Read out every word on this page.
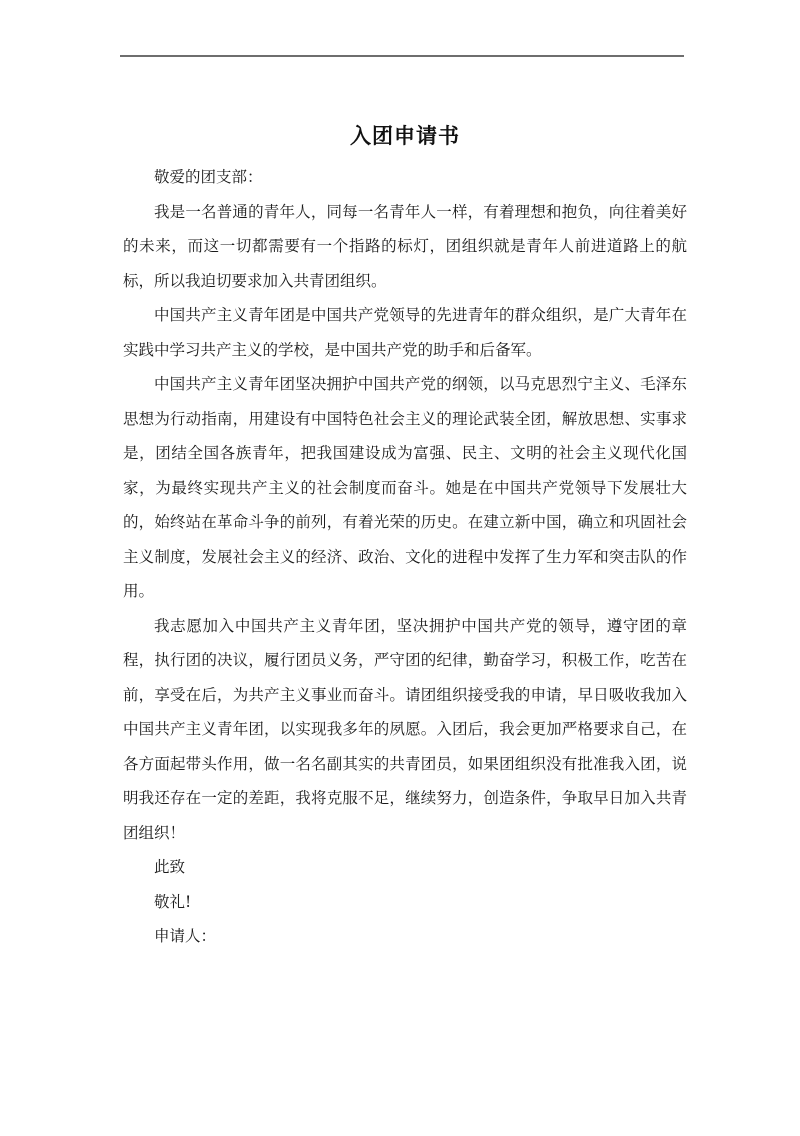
入团申请书

敬爱的团支部：

我是一名普通的青年人，同每一名青年人一样，有着理想和抱负，向往着美好的未来，而这一切都需要有一个指路的标灯，团组织就是青年人前进道路上的航标，所以我迫切要求加入共青团组织。

中国共产主义青年团是中国共产党领导的先进青年的群众组织，是广大青年在实践中学习共产主义的学校，是中国共产党的助手和后备军。

中国共产主义青年团坚决拥护中国共产党的纲领，以马克思烈宁主义、毛泽东思想为行动指南，用建设有中国特色社会主义的理论武装全团，解放思想、实事求是，团结全国各族青年，把我国建设成为富强、民主、文明的社会主义现代化国家，为最终实现共产主义的社会制度而奋斗。她是在中国共产党领导下发展壮大的，始终站在革命斗争的前列，有着光荣的历史。在建立新中国，确立和巩固社会主义制度，发展社会主义的经济、政治、文化的进程中发挥了生力军和突击队的作用。

我志愿加入中国共产主义青年团，坚决拥护中国共产党的领导，遵守团的章程，执行团的决议，履行团员义务，严守团的纪律，勤奋学习，积极工作，吃苦在前，享受在后，为共产主义事业而奋斗。请团组织接受我的申请，早日吸收我加入中国共产主义青年团，以实现我多年的夙愿。入团后，我会更加严格要求自己，在各方面起带头作用，做一名名副其实的共青团员，如果团组织没有批准我入团，说明我还存在一定的差距，我将克服不足，继续努力，创造条件，争取早日加入共青团组织！

此致

敬礼!

申请人：
